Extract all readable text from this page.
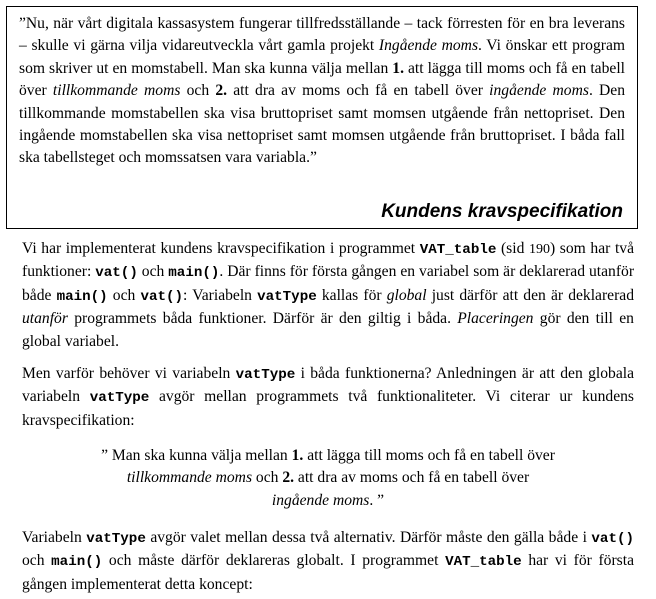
”Nu, när vårt digitala kassasystem fungerar tillfredsställande – tack förresten för en bra leverans – skulle vi gärna vilja vidareutveckla vårt gamla projekt Ingående moms. Vi önskar ett program som skriver ut en momstabell. Man ska kunna välja mellan 1. att lägga till moms och få en tabell över tillkommande moms och 2. att dra av moms och få en tabell över ingående moms. Den tillkommande momstabellen ska visa bruttopriset samt momsen utgående från nettopriset. Den ingående momstabellen ska visa nettopriset samt momsen utgående från bruttopriset. I båda fall ska tabellsteget och momssatsen vara variabla.”

Kundens kravspecifikation

Vi har implementerat kundens kravspecifikation i programmet VAT_table (sid 190) som har två funktioner: vat() och main(). Där finns för första gången en variabel som är deklarerad utanför både main() och vat(): Variabeln vatType kallas för global just därför att den är deklarerad utanför programmets båda funktioner. Därför är den giltig i båda. Placeringen gör den till en global variabel.

Men varför behöver vi variabeln vatType i båda funktionerna? Anledningen är att den globala variabeln vatType avgör mellan programmets två funktionaliteter. Vi citerar ur kundens kravspecifikation:

” Man ska kunna välja mellan 1. att lägga till moms och få en tabell över tillkommande moms och 2. att dra av moms och få en tabell över ingående moms. ”

Variabeln vatType avgör valet mellan dessa två alternativ. Därför måste den gälla både i vat() och main() och måste därför deklareras globalt. I programmet VAT_table har vi för första gången implementerat detta koncept:
